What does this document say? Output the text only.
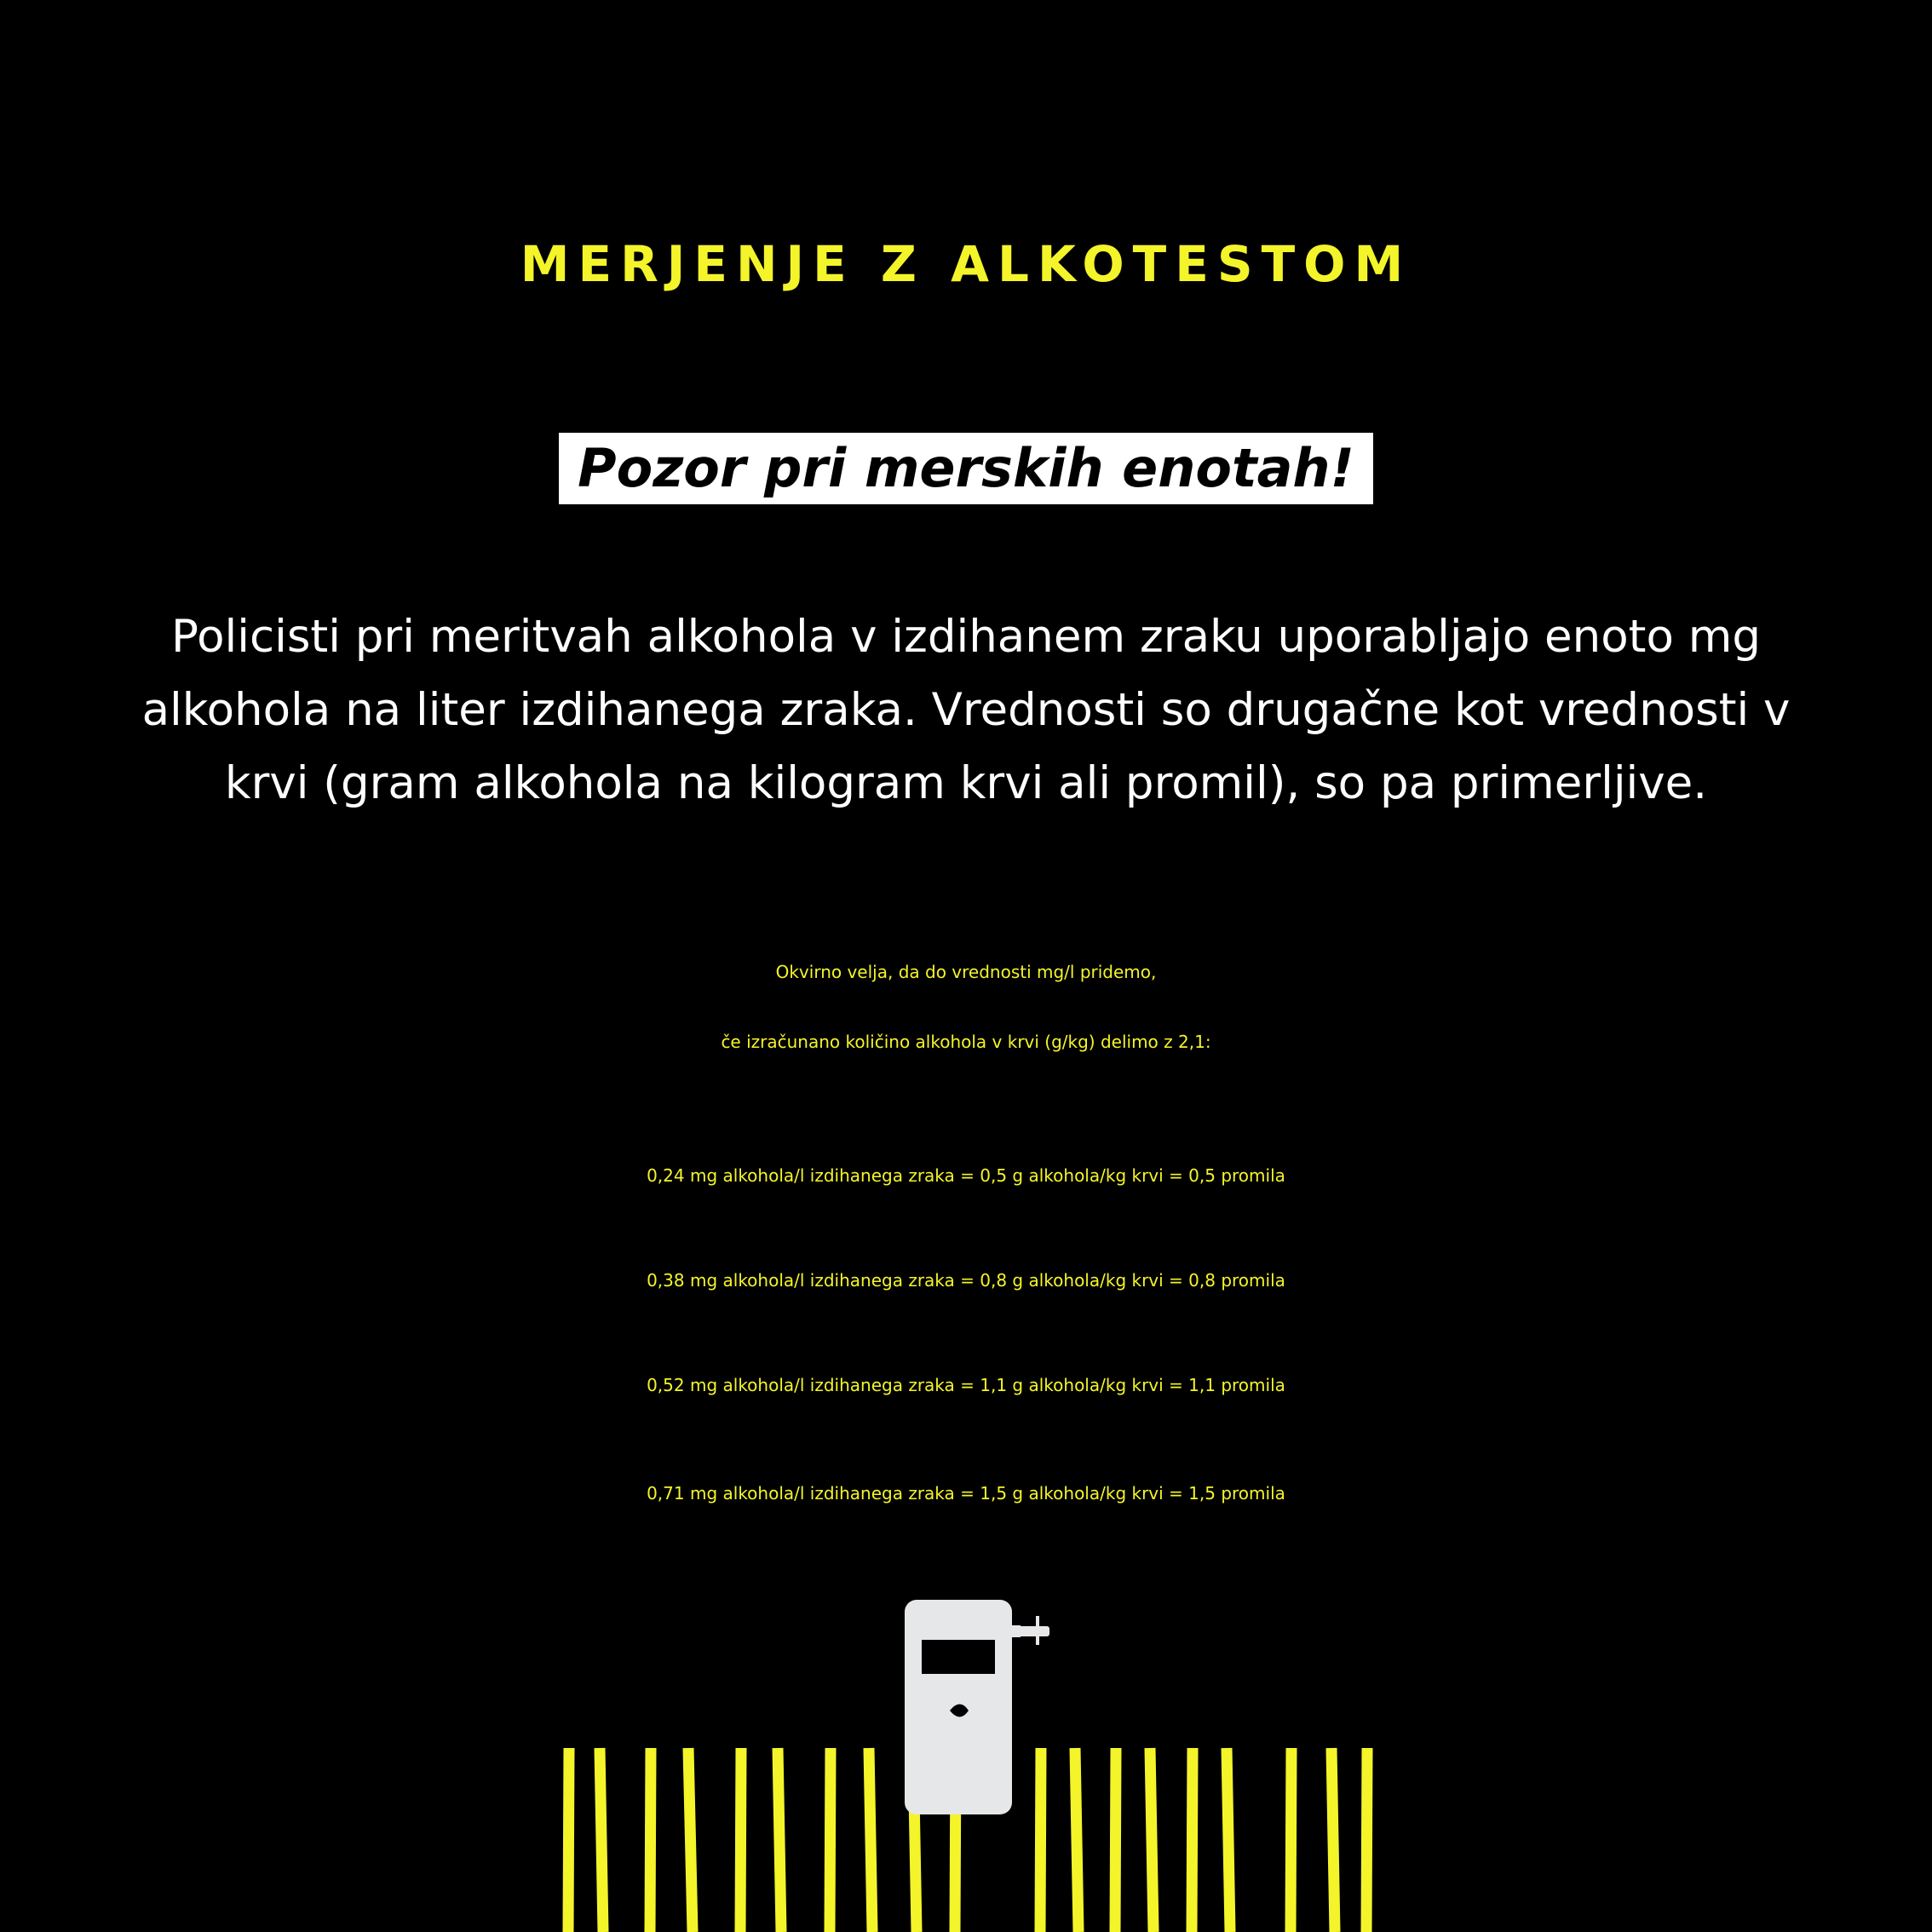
MERJENJE Z ALKOTESTOM
Pozor pri merskih enotah!
Policisti pri meritvah alkohola v izdihanem zraku uporabljajo enoto mg
alkohola na liter izdihanega zraka. Vrednosti so drugačne kot vrednosti v
krvi (gram alkohola na kilogram krvi ali promil), so pa primerljive.
Okvirno velja, da do vrednosti mg/l pridemo,
če izračunano količino alkohola v krvi (g/kg) delimo z 2,1:
0,24 mg alkohola/l izdihanega zraka = 0,5 g alkohola/kg krvi = 0,5 promila
0,38 mg alkohola/l izdihanega zraka = 0,8 g alkohola/kg krvi = 0,8 promila
0,52 mg alkohola/l izdihanega zraka = 1,1 g alkohola/kg krvi = 1,1 promila
0,71 mg alkohola/l izdihanega zraka = 1,5 g alkohola/kg krvi = 1,5 promila
